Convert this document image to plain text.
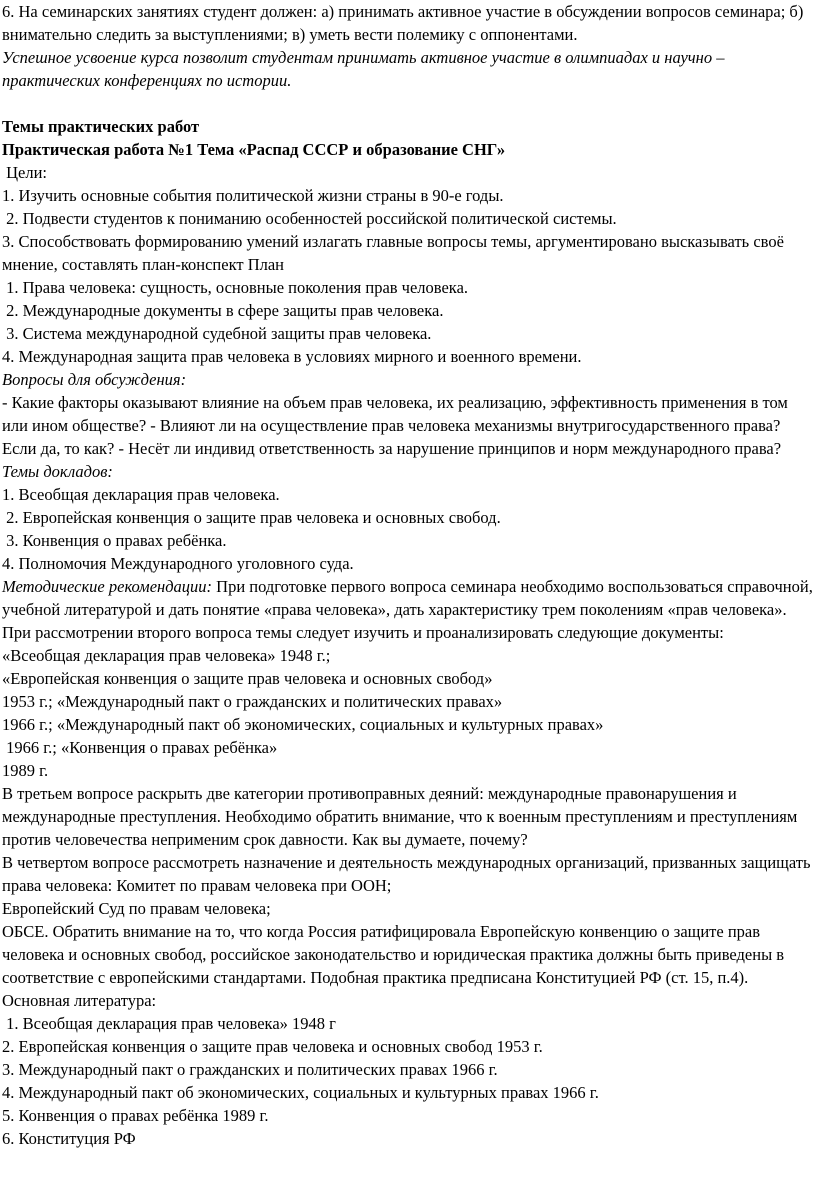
6. На семинарских занятиях студент должен: а) принимать активное участие в обсуждении вопросов семинара; б) внимательно следить за выступлениями; в) уметь вести полемику с оппонентами.
Успешное усвоение курса позволит студентам принимать активное участие в олимпиадах и научно – практических конференциях по истории.
Темы практических работ
Практическая работа №1 Тема «Распад СССР и образование СНГ»
Цели:
1. Изучить основные события политической жизни страны в 90-е годы.
2. Подвести студентов к пониманию особенностей российской политической системы.
3. Способствовать формированию умений излагать главные вопросы темы, аргументировано высказывать своё мнение, составлять план-конспект План
1. Права человека: сущность, основные поколения прав человека.
2. Международные документы в сфере защиты прав человека.
3. Система международной судебной защиты прав человека.
4. Международная защита прав человека в условиях мирного и военного времени.
Вопросы для обсуждения:
- Какие факторы оказывают влияние на объем прав человека, их реализацию, эффективность применения в том или ином обществе? - Влияют ли на осуществление прав человека механизмы внутригосударственного права? Если да, то как? - Несёт ли индивид ответственность за нарушение принципов и норм международного права?
Темы докладов:
1. Всеобщая декларация прав человека.
2. Европейская конвенция о защите прав человека и основных свобод.
3. Конвенция о правах ребёнка.
4. Полномочия Международного уголовного суда.
Методические рекомендации: При подготовке первого вопроса семинара необходимо воспользоваться справочной, учебной литературой и дать понятие «права человека», дать характеристику трем поколениям «прав человека».
При рассмотрении второго вопроса темы следует изучить и проанализировать следующие документы:
«Всеобщая декларация прав человека» 1948 г.;
«Европейская конвенция о защите прав человека и основных свобод»
1953 г.; «Международный пакт о гражданских и политических правах»
1966 г.; «Международный пакт об экономических, социальных и культурных правах»
1966 г.; «Конвенция о правах ребёнка»
1989 г.
В третьем вопросе раскрыть две категории противоправных деяний: международные правонарушения и международные преступления. Необходимо обратить внимание, что к военным преступлениям и преступлениям против человечества неприменим срок давности. Как вы думаете, почему?
В четвертом вопросе рассмотреть назначение и деятельность международных организаций, призванных защищать права человека: Комитет по правам человека при ООН;
Европейский Суд по правам человека;
ОБСЕ. Обратить внимание на то, что когда Россия ратифицировала Европейскую конвенцию о защите прав человека и основных свобод, российское законодательство и юридическая практика должны быть приведены в соответствие с европейскими стандартами. Подобная практика предписана Конституцией РФ (ст. 15, п.4).
Основная литература:
1. Всеобщая декларация прав человека» 1948 г
2. Европейская конвенция о защите прав человека и основных свобод 1953 г.
3. Международный пакт о гражданских и политических правах 1966 г.
4. Международный пакт об экономических, социальных и культурных правах 1966 г.
5. Конвенция о правах ребёнка 1989 г.
6. Конституция РФ
